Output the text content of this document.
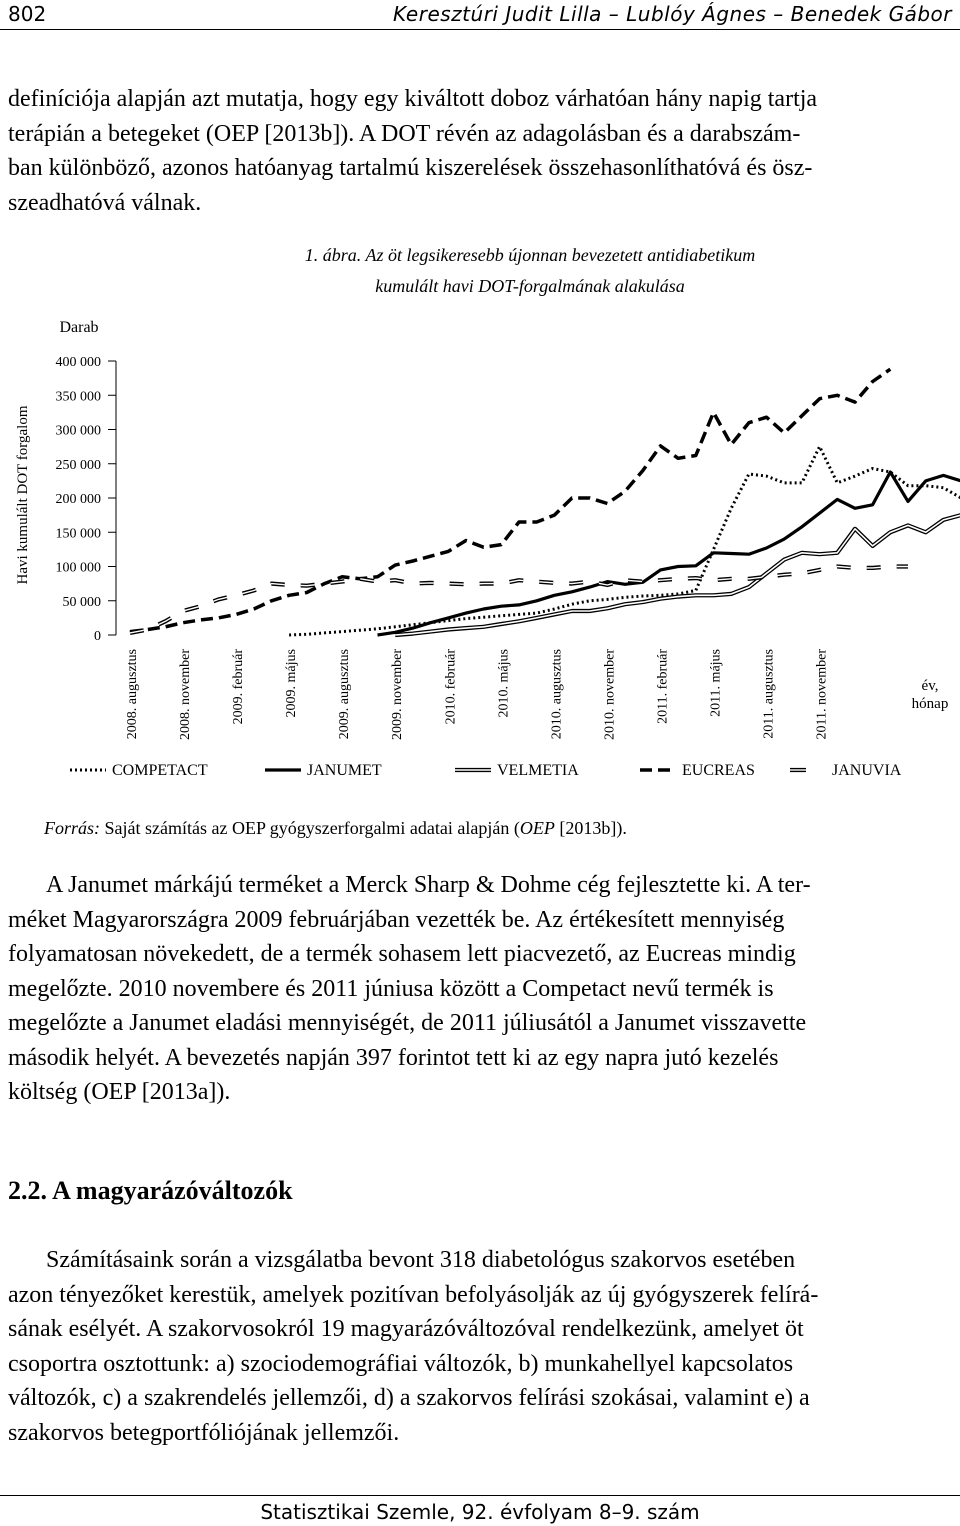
802	Keresztúri Judit Lilla – Lublóy Ágnes – Benedek Gábor
definíciója alapján azt mutatja, hogy egy kiváltott doboz várhatóan hány napig tartja
terápián a betegeket (OEP [2013b]). A DOT révén az adagolásban és a darabszám-
ban különböző, azonos hatóanyag tartalmú kiszerelések összehasonlíthatóvá és ösz-
szeadhatóvá válnak.
1. ábra. Az öt legsikeresebb újonnan bevezetett antidiabetikum
kumulált havi DOT-forgalmának alakulása
Darab
Havi kumulált DOT forgalom
0
50 000
100 000
150 000
200 000
250 000
300 000
350 000
400 000
2008. augusztus	2008. november	2009. február	2009. május	2009. augusztus	2009. november	2010. február	2010. május	2010. augusztus	2010. november	2011. február	2011. május	2011. augusztus	2011. november	év, hónap
COMPETACT	JANUMET	VELMETIA	EUCREAS	JANUVIA
Forrás: Saját számítás az OEP gyógyszerforgalmi adatai alapján (OEP [2013b]).
A Janumet márkájú terméket a Merck Sharp & Dohme cég fejlesztette ki. A ter-
méket Magyarországra 2009 februárjában vezették be. Az értékesített mennyiség
folyamatosan növekedett, de a termék sohasem lett piacvezető, az Eucreas mindig
megelőzte. 2010 novembere és 2011 júniusa között a Competact nevű termék is
megelőzte a Janumet eladási mennyiségét, de 2011 júliusától a Janumet visszavette
második helyét. A bevezetés napján 397 forintot tett ki az egy napra jutó kezelés
költség (OEP [2013a]).
2.2. A magyarázóváltozók
Számításaink során a vizsgálatba bevont 318 diabetológus szakorvos esetében
azon tényezőket kerestük, amelyek pozitívan befolyásolják az új gyógyszerek felírá-
sának esélyét. A szakorvosokról 19 magyarázóváltozóval rendelkezünk, amelyet öt
csoportra osztottunk: a) szociodemográfiai változók, b) munkahellyel kapcsolatos
változók, c) a szakrendelés jellemzői, d) a szakorvos felírási szokásai, valamint e) a
szakorvos betegportfóliójának jellemzői.
Statisztikai Szemle, 92. évfolyam 8–9. szám
